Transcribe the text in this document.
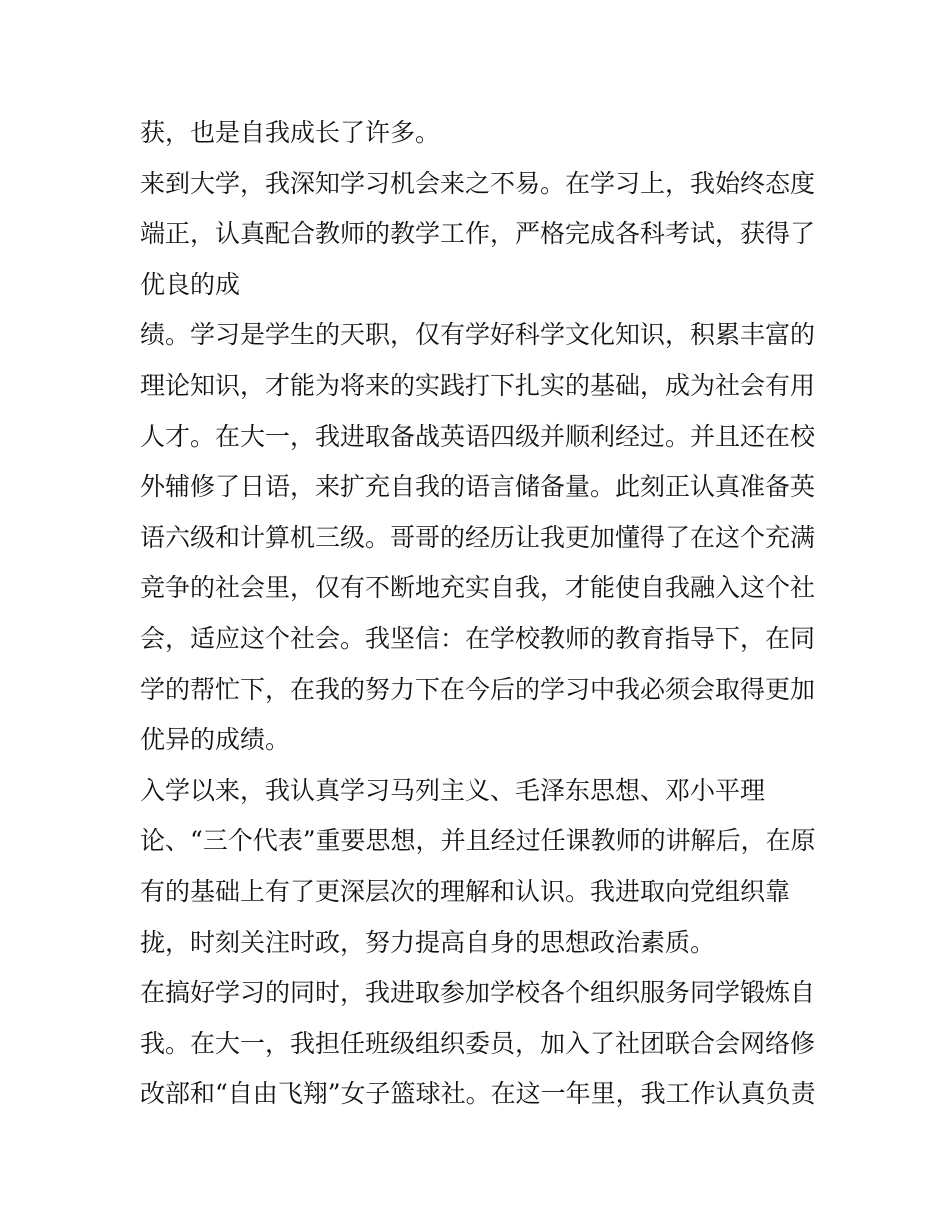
获，也是自我成长了许多。
来到大学，我深知学习机会来之不易。在学习上，我始终态度
端正，认真配合教师的教学工作，严格完成各科考试，获得了
优良的成
绩。学习是学生的天职，仅有学好科学文化知识，积累丰富的
理论知识，才能为将来的实践打下扎实的基础，成为社会有用
人才。在大一，我进取备战英语四级并顺利经过。并且还在校
外辅修了日语，来扩充自我的语言储备量。此刻正认真准备英
语六级和计算机三级。哥哥的经历让我更加懂得了在这个充满
竞争的社会里，仅有不断地充实自我，才能使自我融入这个社
会，适应这个社会。我坚信：在学校教师的教育指导下，在同
学的帮忙下，在我的努力下在今后的学习中我必须会取得更加
优异的成绩。
入学以来，我认真学习马列主义、毛泽东思想、邓小平理
论、“三个代表”重要思想，并且经过任课教师的讲解后，在原
有的基础上有了更深层次的理解和认识。我进取向党组织靠
拢，时刻关注时政，努力提高自身的思想政治素质。
在搞好学习的同时，我进取参加学校各个组织服务同学锻炼自
我。在大一，我担任班级组织委员，加入了社团联合会网络修
改部和“自由飞翔”女子篮球社。在这一年里，我工作认真负责
